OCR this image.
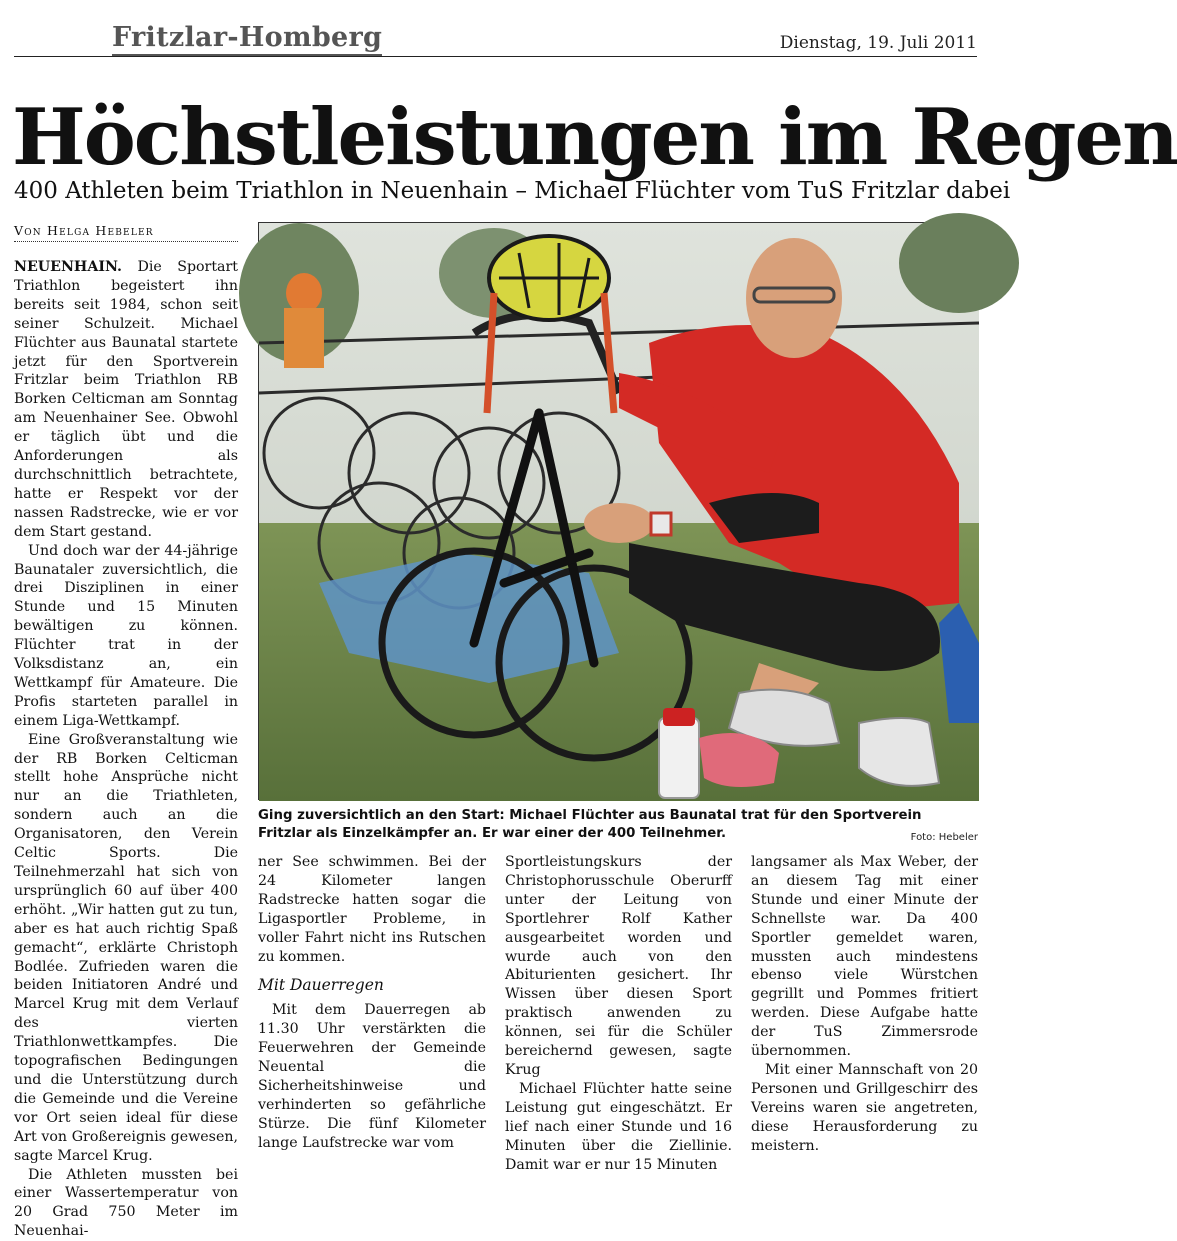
Fritzlar-Homberg	Dienstag, 19. Juli 2011
Höchstleistungen im Regen
400 Athleten beim Triathlon in Neuenhain – Michael Flüchter vom TuS Fritzlar dabei
Von Helga Hebeler

NEUENHAIN. Die Sportart Triathlon begeistert ihn bereits seit 1984, schon seit seiner Schulzeit. Michael Flüchter aus Baunatal startete jetzt für den Sportverein Fritzlar beim Triathlon RB Borken Celticman am Sonntag am Neuenhainer See. Obwohl er täglich übt und die Anforderungen als durchschnittlich betrachtete, hatte er Respekt vor der nassen Radstrecke, wie er vor dem Start gestand.

Und doch war der 44-jährige Baunataler zuversichtlich, die drei Disziplinen in einer Stunde und 15 Minuten bewältigen zu können. Flüchter trat in der Volksdistanz an, ein Wettkampf für Amateure. Die Profis starteten parallel in einem Liga-Wettkampf.

Eine Großveranstaltung wie der RB Borken Celticman stellt hohe Ansprüche nicht nur an die Triathleten, sondern auch an die Organisatoren, den Verein Celtic Sports. Die Teilnehmerzahl hat sich von ursprünglich 60 auf über 400 erhöht. „Wir hatten gut zu tun, aber es hat auch richtig Spaß gemacht“, erklärte Christoph Bodlée. Zufrieden waren die beiden Initiatoren André und Marcel Krug mit dem Verlauf des vierten Triathlonwettkampfes. Die topografischen Bedingungen und die Unterstützung durch die Gemeinde und die Vereine vor Ort seien ideal für diese Art von Großereignis gewesen, sagte Marcel Krug.

Die Athleten mussten bei einer Wassertemperatur von 20 Grad 750 Meter im Neuenhai-

Ging zuversichtlich an den Start: Michael Flüchter aus Baunatal trat für den Sportverein Fritzlar als Einzelkämpfer an. Er war einer der 400 Teilnehmer.	Foto: Hebeler

ner See schwimmen. Bei der 24 Kilometer langen Radstrecke hatten sogar die Ligasportler Probleme, in voller Fahrt nicht ins Rutschen zu kommen.

Mit Dauerregen

Mit dem Dauerregen ab 11.30 Uhr verstärkten die Feuerwehren der Gemeinde Neuental die Sicherheitshinweise und verhinderten so gefährliche Stürze. Die fünf Kilometer lange Laufstrecke war vom

Sportleistungskurs der Christophorusschule Oberurff unter der Leitung von Sportlehrer Rolf Kather ausgearbeitet worden und wurde auch von den Abiturienten gesichert. Ihr Wissen über diesen Sport praktisch anwenden zu können, sei für die Schüler bereichernd gewesen, sagte Krug

Michael Flüchter hatte seine Leistung gut eingeschätzt. Er lief nach einer Stunde und 16 Minuten über die Ziellinie. Damit war er nur 15 Minuten

langsamer als Max Weber, der an diesem Tag mit einer Stunde und einer Minute der Schnellste war. Da 400 Sportler gemeldet waren, mussten auch mindestens ebenso viele Würstchen gegrillt und Pommes fritiert werden. Diese Aufgabe hatte der TuS Zimmersrode übernommen.

Mit einer Mannschaft von 20 Personen und Grillgeschirr des Vereins waren sie angetreten, diese Herausforderung zu meistern.
